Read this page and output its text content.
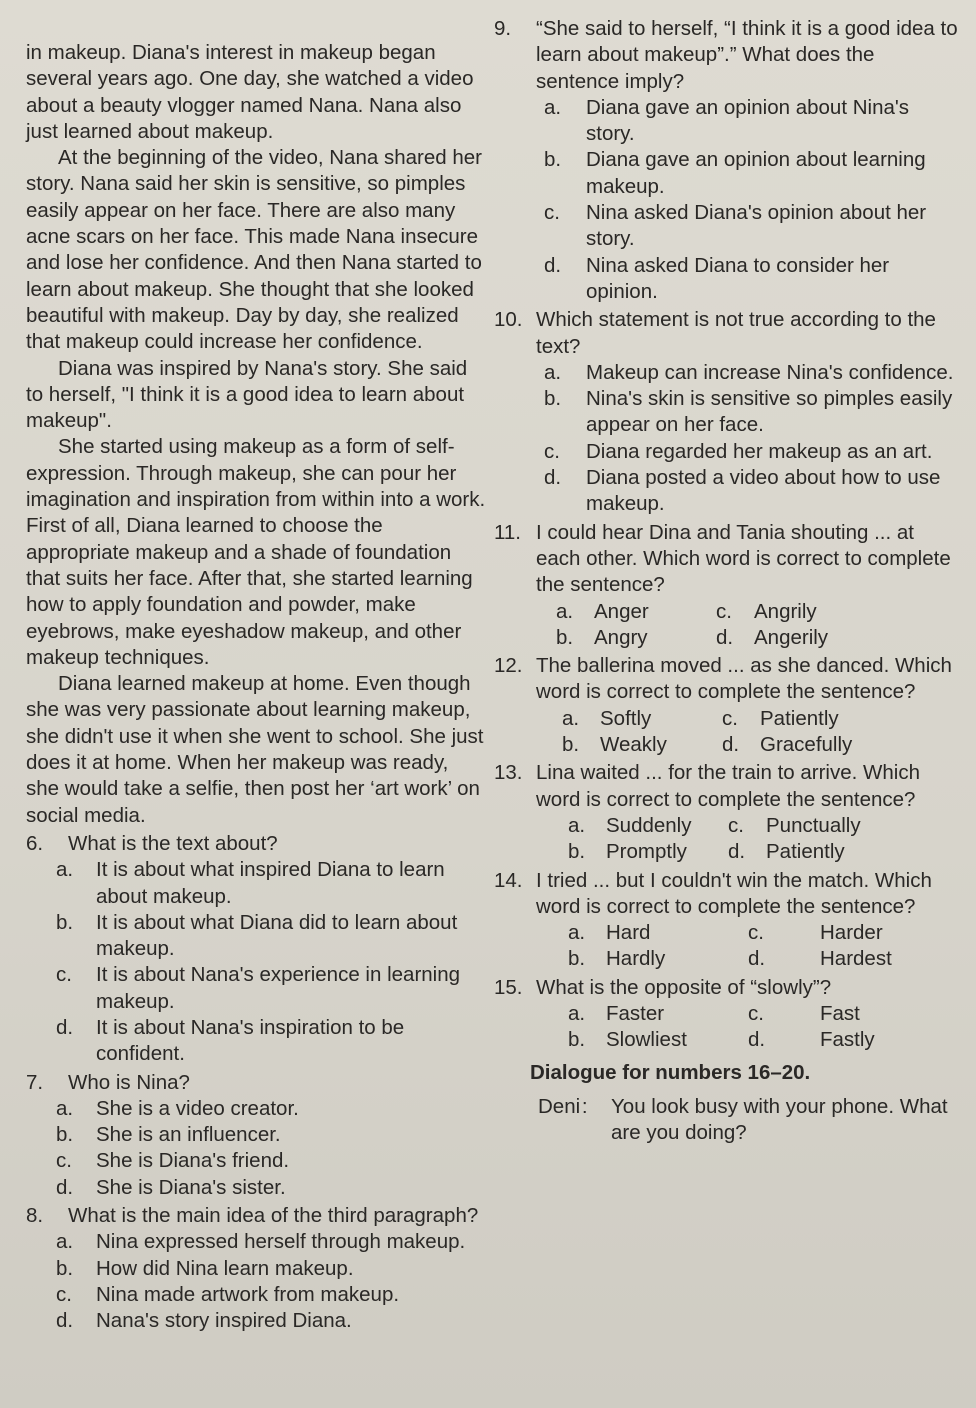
in makeup. Diana's interest in makeup began several years ago. One day, she watched a video about a beauty vlogger named Nana. Nana also just learned about makeup.

At the beginning of the video, Nana shared her story. Nana said her skin is sensitive, so pimples easily appear on her face. There are also many acne scars on her face. This made Nana insecure and lose her confidence. And then Nana started to learn about makeup. She thought that she looked beautiful with makeup. Day by day, she realized that makeup could increase her confidence.

Diana was inspired by Nana's story. She said to herself, "I think it is a good idea to learn about makeup".

She started using makeup as a form of self-expression. Through makeup, she can pour her imagination and inspiration from within into a work. First of all, Diana learned to choose the appropriate makeup and a shade of foundation that suits her face. After that, she started learning how to apply foundation and powder, make eyebrows, make eyeshadow makeup, and other makeup techniques.

Diana learned makeup at home. Even though she was very passionate about learning makeup, she didn't use it when she went to school. She just does it at home. When her makeup was ready, she would take a selfie, then post her ‘art work’ on social media.

6.	What is the text about?
a.	It is about what inspired Diana to learn about makeup.
b.	It is about what Diana did to learn about makeup.
c.	It is about Nana's experience in learning makeup.
d.	It is about Nana's inspiration to be confident.
7.	Who is Nina?
a.	She is a video creator.
b.	She is an influencer.
c.	She is Diana's friend.
d.	She is Diana's sister.
8.	What is the main idea of the third paragraph?
a.	Nina expressed herself through makeup.
b.	How did Nina learn makeup.
c.	Nina made artwork from makeup.
d.	Nana's story inspired Diana.
9.	“She said to herself, “I think it is a good idea to learn about makeup”.” What does the sentence imply?
a.	Diana gave an opinion about Nina's story.
b.	Diana gave an opinion about learning makeup.
c.	Nina asked Diana's opinion about her story.
d.	Nina asked Diana to consider her opinion.
10. Which statement is not true according to the text?
a.	Makeup can increase Nina's confidence.
b.	Nina's skin is sensitive so pimples easily appear on her face.
c.	Diana regarded her makeup as an art.
d.	Diana posted a video about how to use makeup.
11. I could hear Dina and Tania shouting ... at each other. Which word is correct to complete the sentence?
a.	Anger	c.	Angrily
b.	Angry	d.	Angerily
12. The ballerina moved ... as she danced. Which word is correct to complete the sentence?
a.	Softly	c.	Patiently
b.	Weakly	d.	Gracefully
13. Lina waited ... for the train to arrive. Which word is correct to complete the sentence?
a.	Suddenly c.	Punctually
b.	Promptly d.	Patiently
14. I tried ... but I couldn't win the match. Which word is correct to complete the sentence?
a.	Hard	c.	Harder
b.	Hardly	d.	Hardest
15. What is the opposite of “slowly”?
a.	Faster	c.	Fast
b.	Slowliest	d.	Fastly
Dialogue for numbers 16–20.
Deni :	You look busy with your phone. What are you doing?
